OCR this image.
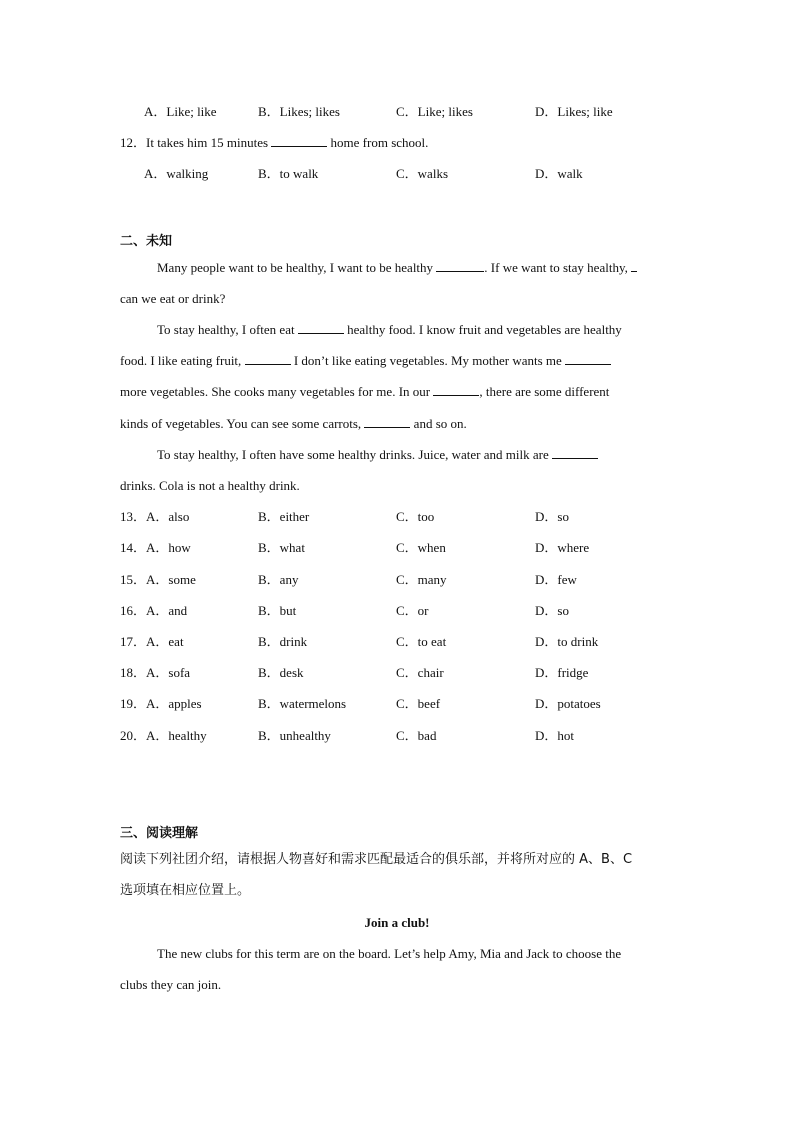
A．Like; like	B．Likes; likes	C．Like; likes	D．Likes; like
12．It takes him 15 minutes	home from school.
A．walking	B．to walk	C．walks	D．walk
二、未知
Many people want to be healthy, I want to be healthy	. If we want to stay healthy,
can we eat or drink?
To stay healthy, I often eat	healthy food. I know fruit and vegetables are healthy
food. I like eating fruit,	I don’t like eating vegetables. My mother wants me
more vegetables. She cooks many vegetables for me. In our	, there are some different
kinds of vegetables. You can see some carrots,	and so on.
To stay healthy, I often have some healthy drinks. Juice, water and milk are
drinks. Cola is not a healthy drink.
13．A．also	B．either	C．too	D．so
14．A．how	B．what	C．when	D．where
15．A．some	B．any	C．many	D．few
16．A．and	B．but	C．or	D．so
17．A．eat	B．drink	C．to eat	D．to drink
18．A．sofa	B．desk	C．chair	D．fridge
19．A．apples	B．watermelons	C．beef	D．potatoes
20．A．healthy	B．unhealthy	C．bad	D．hot
三、阅读理解
阅读下列社团介绍，请根据人物喜好和需求匹配最适合的俱乐部，并将所对应的 A、B、C
选项填在相应位置上。
Join a club!
The new clubs for this term are on the board. Let’s help Amy, Mia and Jack to choose the
clubs they can join.
